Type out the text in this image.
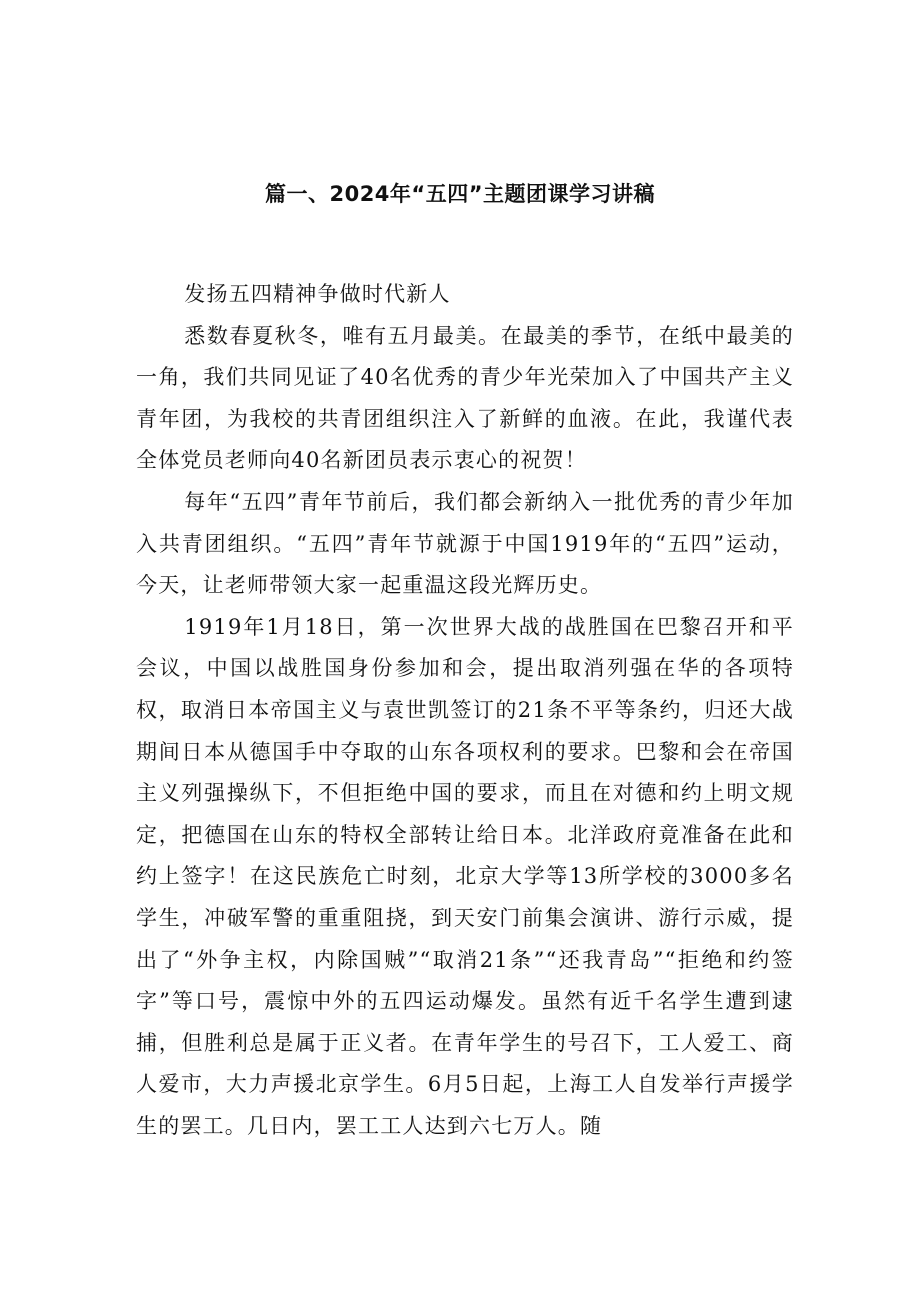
篇一、2024年“五四”主题团课学习讲稿

发扬五四精神争做时代新人

悉数春夏秋冬，唯有五月最美。在最美的季节，在纸中最美的一角，我们共同见证了40名优秀的青少年光荣加入了中国共产主义青年团，为我校的共青团组织注入了新鲜的血液。在此，我谨代表全体党员老师向40名新团员表示衷心的祝贺！

每年“五四”青年节前后，我们都会新纳入一批优秀的青少年加入共青团组织。“五四”青年节就源于中国1919年的“五四”运动，今天，让老师带领大家一起重温这段光辉历史。

1919年1月18日，第一次世界大战的战胜国在巴黎召开和平会议，中国以战胜国身份参加和会，提出取消列强在华的各项特权，取消日本帝国主义与袁世凯签订的21条不平等条约，归还大战期间日本从德国手中夺取的山东各项权利的要求。巴黎和会在帝国主义列强操纵下，不但拒绝中国的要求，而且在对德和约上明文规定，把德国在山东的特权全部转让给日本。北洋政府竟准备在此和约上签字！在这民族危亡时刻，北京大学等13所学校的3000多名学生，冲破军警的重重阻挠，到天安门前集会演讲、游行示威，提出了“外争主权，内除国贼”“取消21条”“还我青岛”“拒绝和约签字”等口号，震惊中外的五四运动爆发。虽然有近千名学生遭到逮捕，但胜利总是属于正义者。在青年学生的号召下，工人爱工、商人爱市，大力声援北京学生。6月5日起，上海工人自发举行声援学生的罢工。几日内，罢工工人达到六七万人。随
